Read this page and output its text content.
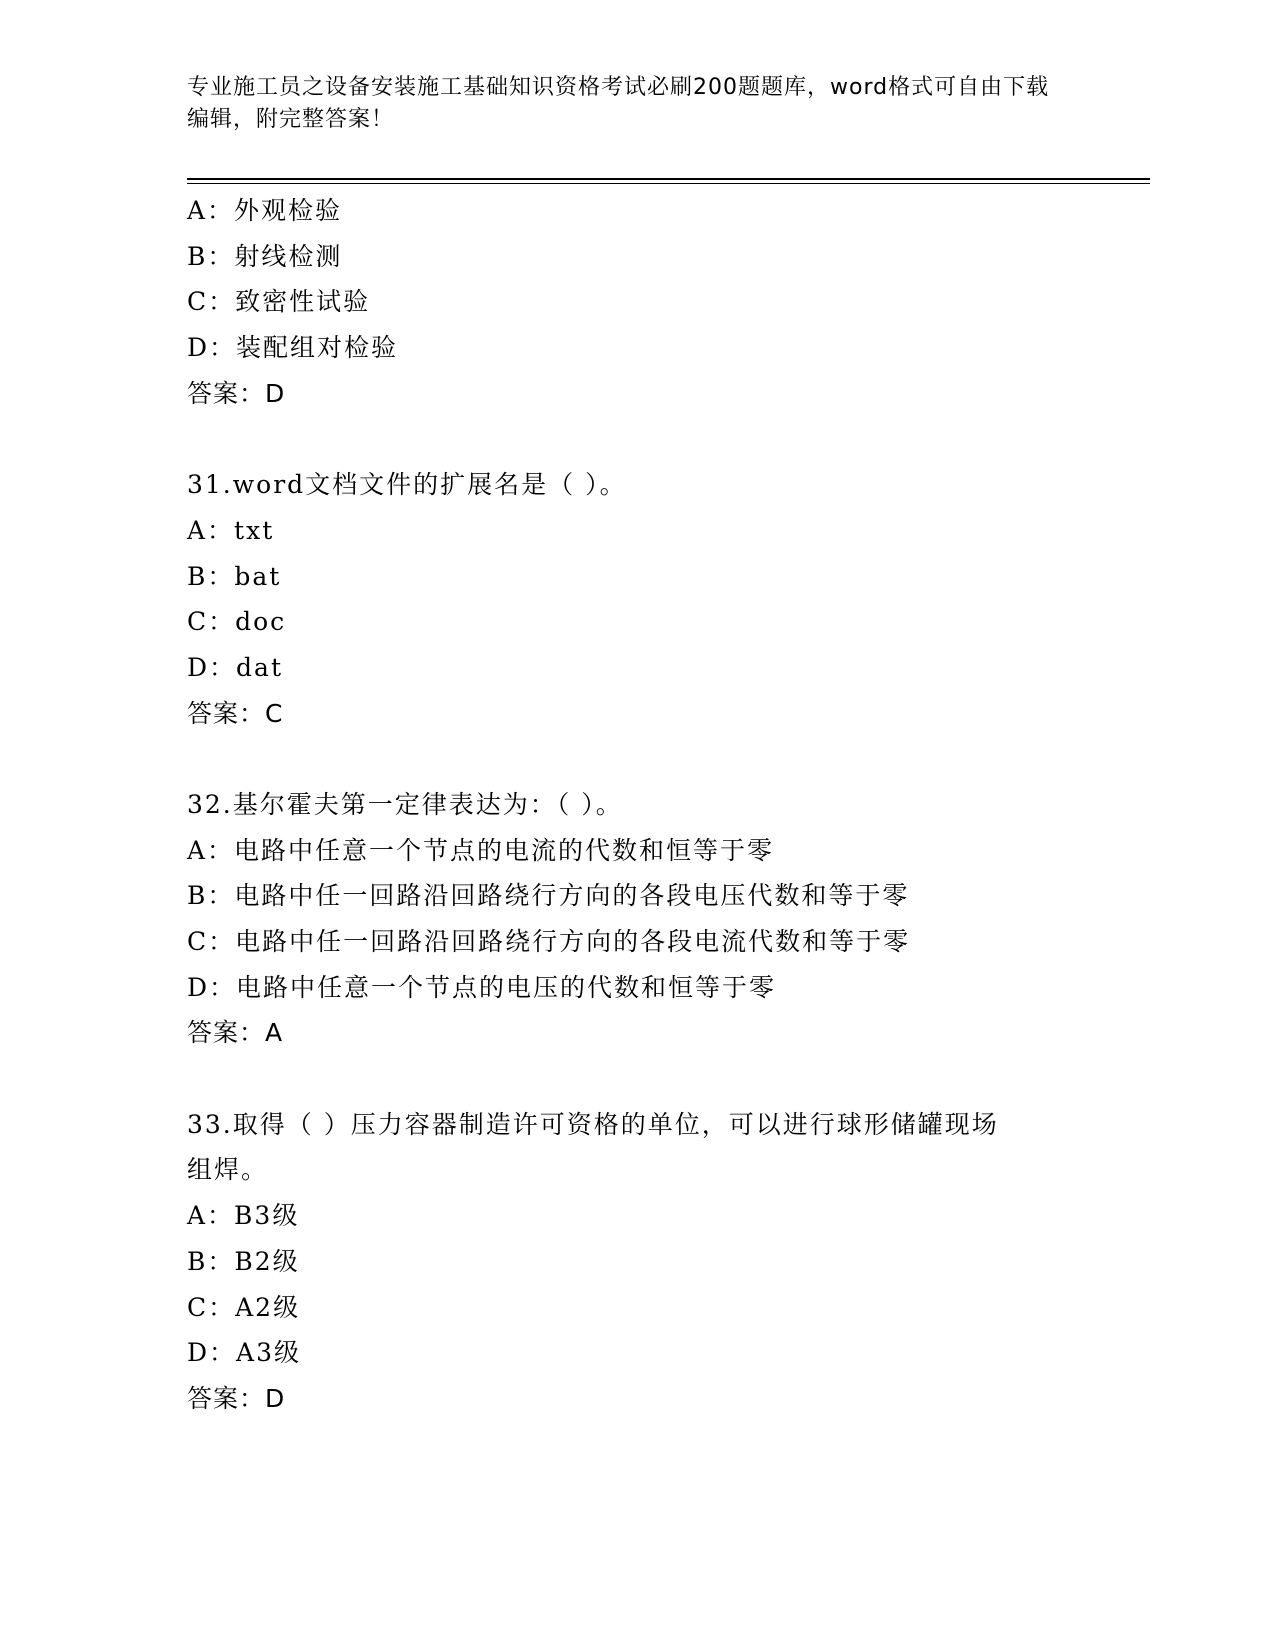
专业施工员之设备安装施工基础知识资格考试必刷200题题库，word格式可自由下载编辑，附完整答案！
A：外观检验
B：射线检测
C：致密性试验
D：装配组对检验
答案：D
31.word文档文件的扩展名是（ ）。
A：txt
B：bat
C：doc
D：dat
答案：C
32.基尔霍夫第一定律表达为：（ ）。
A：电路中任意一个节点的电流的代数和恒等于零
B：电路中任一回路沿回路绕行方向的各段电压代数和等于零
C：电路中任一回路沿回路绕行方向的各段电流代数和等于零
D：电路中任意一个节点的电压的代数和恒等于零
答案：A
33.取得（ ）压力容器制造许可资格的单位，可以进行球形储罐现场
组焊。
A：B3级
B：B2级
C：A2级
D：A3级
答案：D
